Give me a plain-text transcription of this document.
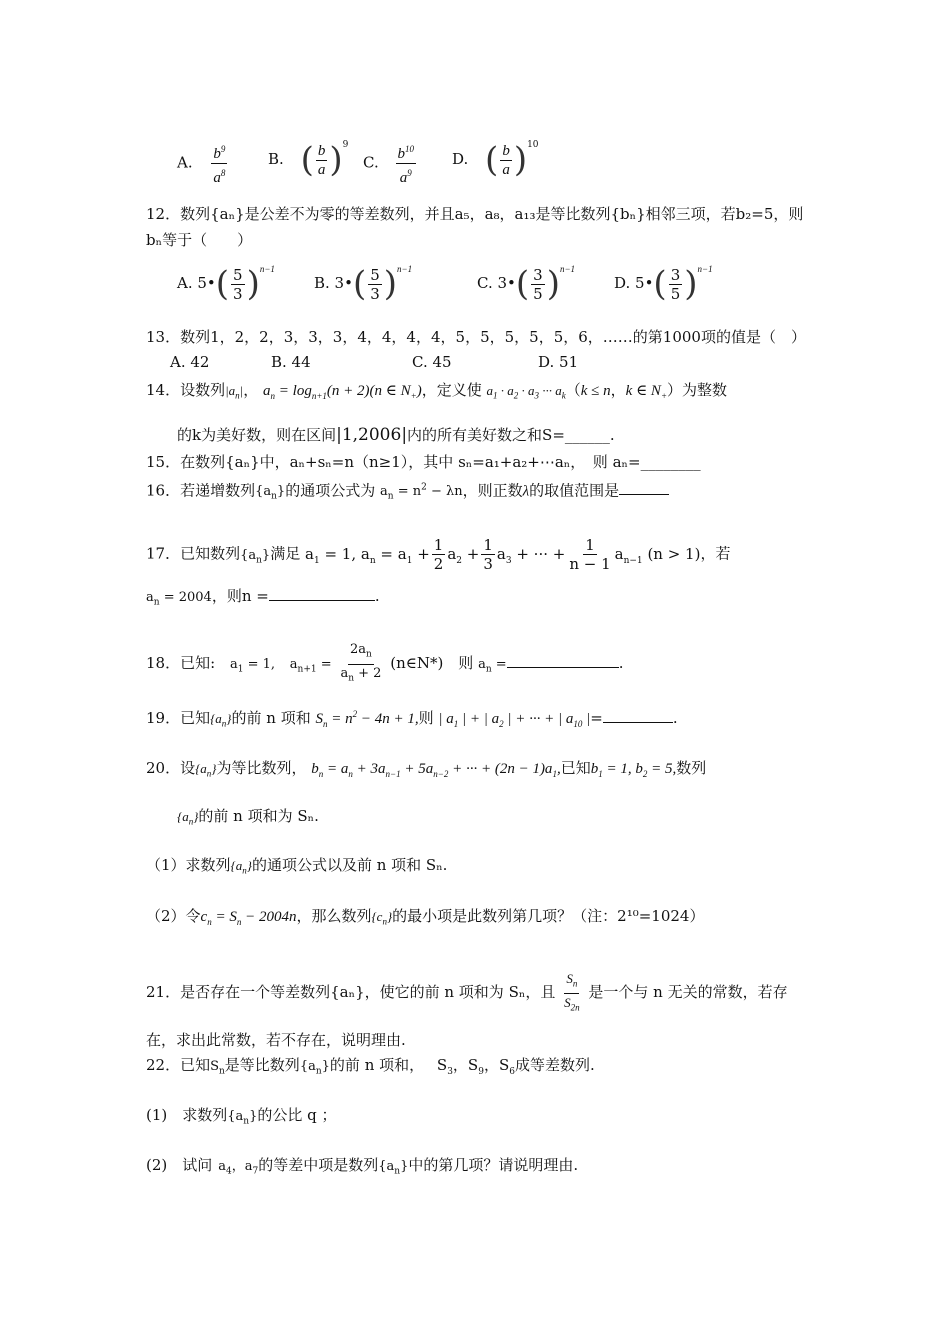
A. $\frac{b^9}{a^8}$	B. ( $\frac{b}{a} )^9$
C. $\frac{b^{10}}{a^9} D$. ( $\frac{b}{a} )^{10}$
12．数列{aₙ}是公差不为零的等差数列，并且a₅，a₈，a₁₃是等比数列{bₙ}相邻三项，若b₂=5，则
bₙ等于（　　）
A. 5•( $\frac{5}{3} )^{n-1}$
B. 3•( $\frac{5}{3} )^{n-1}$
C. 3•( $\frac{3}{5} )^{n-1}$
D. 5•( $\frac{3}{5} )^{n-1}$
13．数列1，2，2，3，3，3，4，4，4，4，5，5，5，5，5，6，……的第1000项的值是（　）
A. 42	B. 44	C. 45	D. 51
14．设数列$|a_n|$， $a_n = \log_{n+1}(n + 2)(n$ ∈ $N_+$)，定义使 $a_1 \cdot a_2 \cdot a_3$ ··· $a_k(k \le n$，k ∈ $N_+$）为整数
的k为美好数，则在区间|1,2006|内的所有美好数之和S=______.
15．在数列{aₙ}中，aₙ+sₙ=n（n≥1），其中 sₙ=a₁+a₂+⋯aₙ，　则 aₙ=________
16．若递增数列$\{a_n\}$的通项公式为 $a_n = n^2 - \lambda n$，则正数λ的取值范围是
17．已知数列$\{a_n\}$满足 $a_1 = 1$, $a_n = a_1 + \frac{1}{2} a_2 + \frac{1}{3} a_3$ + ··· + $\frac{1}{n - 1} a_{n-1}$ (n > 1)，若
$a_n = 2004$，则n =	.
18．已知: $a_1 = 1$, $a_{n+1} = \frac{2a_n}{a_n + 2}$ (n∈N*)　则 $a_n$ =	.
19．已知$\{a_n\}$的前 n 项和 $S_n = n^2 - 4n + 1$,则 | $a_1$ | + | $a_2$ | + ··· + | $a_{10}$ |=	.
20．设$\{a_n\}$为等比数列， $b_n = a_n + 3a_{n-1} + 5a_{n-2}$ + ··· + $(2n - 1)a_1$,已知$b_1 = 1$, $b_2 = 5$,数列
$\{a_n\}$的前 n 项和为 Sₙ.
（1）求数列$\{a_n\}$的通项公式以及前 n 项和 Sₙ.
（2）令$c_n = S_n - 2004n$，那么数列$\{c_n\}$的最小项是此数列第几项？（注：2¹⁰=1024）
21．是否存在一个等差数列{aₙ}，使它的前 n 项和为 Sₙ，且 $\frac{S_n}{S_{2n}}$ 是一个与 n 无关的常数，若存
在，求出此常数，若不存在，说明理由.
22．已知$S_n$是等比数列$\{a_n\}$的前 n 项和， $S_3$，$S_9$，$S_6$成等差数列.
(1)　求数列$\{a_n\}$的公比 q ；
(2)　试问 $a_4$，$a_7$的等差中项是数列$\{a_n\}$中的第几项？请说明理由.
